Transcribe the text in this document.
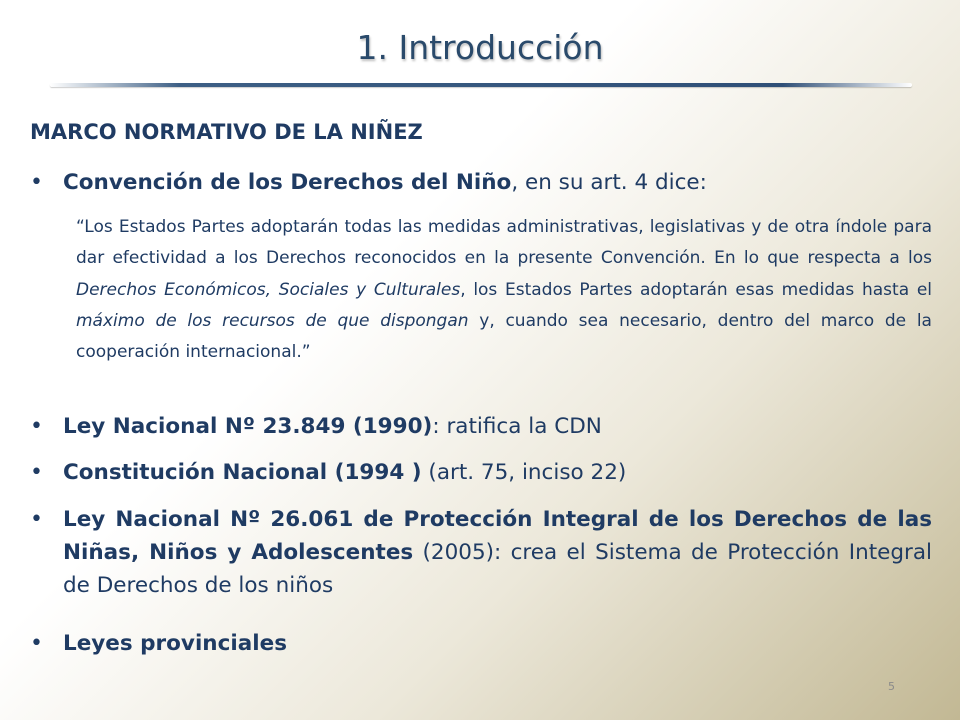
1. Introducción
MARCO NORMATIVO DE LA NIÑEZ
• Convención de los Derechos del Niño, en su art. 4 dice:
“Los Estados Partes adoptarán todas las medidas administrativas, legislativas y de otra índole para dar efectividad a los Derechos reconocidos en la presente Convención. En lo que respecta a los Derechos Económicos, Sociales y Culturales, los Estados Partes adoptarán esas medidas hasta el máximo de los recursos de que dispongan y, cuando sea necesario, dentro del marco de la cooperación internacional.”
• Ley Nacional Nº 23.849 (1990): ratifica la CDN
• Constitución Nacional (1994 ) (art. 75, inciso 22)
• Ley Nacional Nº 26.061 de Protección Integral de los Derechos de las Niñas, Niños y Adolescentes (2005): crea el Sistema de Protección Integral de Derechos de los niños
• Leyes provinciales
5
